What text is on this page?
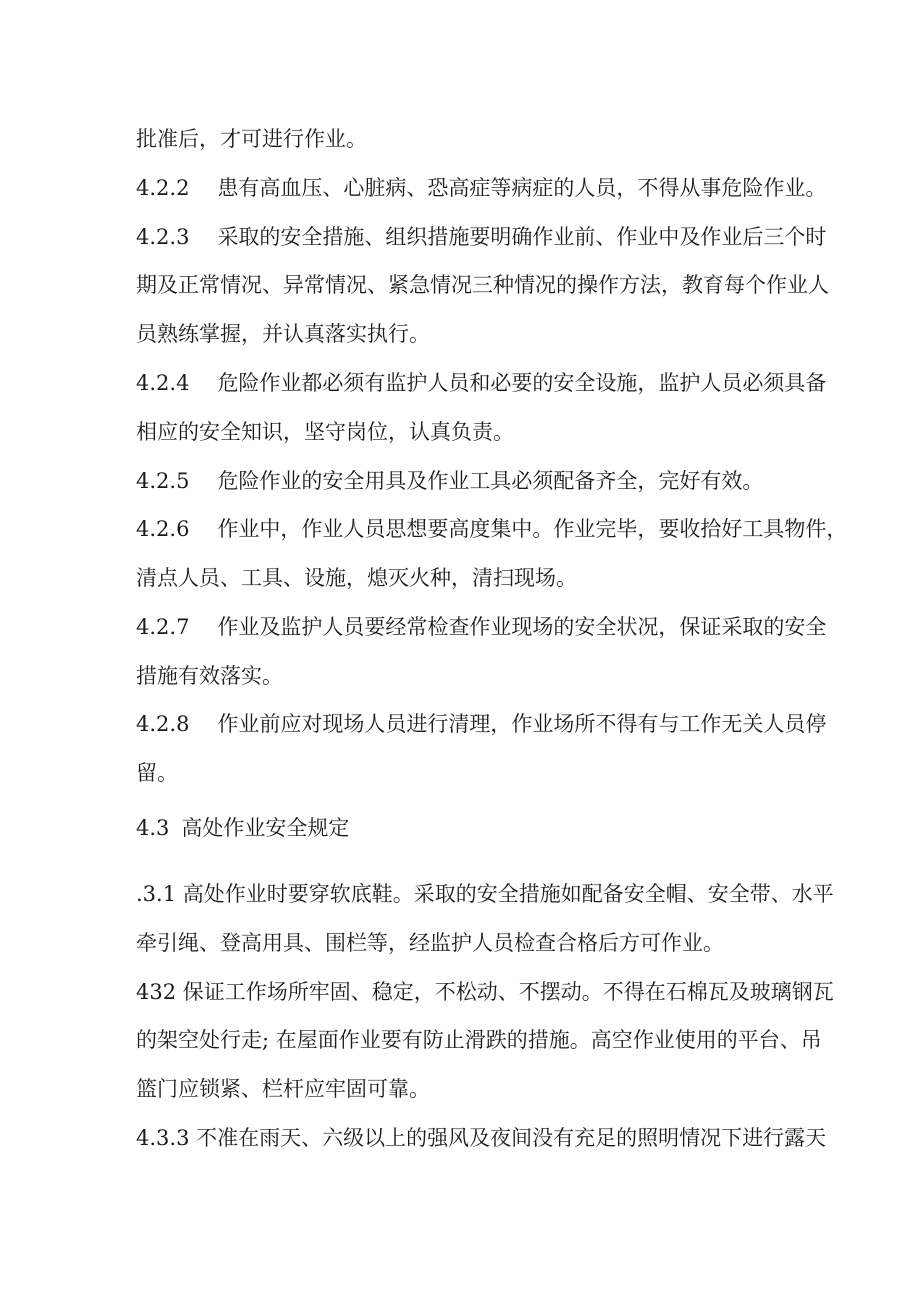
批准后，才可进行作业。
4.2.2 患有高血压、心脏病、恐高症等病症的人员，不得从事危险作业。
4.2.3 采取的安全措施、组织措施要明确作业前、作业中及作业后三个时
期及正常情况、异常情况、紧急情况三种情况的操作方法，教育每个作业人
员熟练掌握，并认真落实执行。
4.2.4 危险作业都必须有监护人员和必要的安全设施，监护人员必须具备
相应的安全知识，坚守岗位，认真负责。
4.2.5 危险作业的安全用具及作业工具必须配备齐全，完好有效。
4.2.6 作业中，作业人员思想要高度集中。作业完毕，要收拾好工具物件，
清点人员、工具、设施，熄灭火种，清扫现场。
4.2.7 作业及监护人员要经常检查作业现场的安全状况，保证采取的安全
措施有效落实。
4.2.8 作业前应对现场人员进行清理，作业场所不得有与工作无关人员停
留。
4.3 高处作业安全规定
.3.1 高处作业时要穿软底鞋。采取的安全措施如配备安全帽、安全带、水平
牵引绳、登高用具、围栏等，经监护人员检查合格后方可作业。
432 保证工作场所牢固、稳定，不松动、不摆动。不得在石棉瓦及玻璃钢瓦
的架空处行走; 在屋面作业要有防止滑跌的措施。高空作业使用的平台、吊
篮门应锁紧、栏杆应牢固可靠。
4.3.3 不准在雨天、六级以上的强风及夜间没有充足的照明情况下进行露天
